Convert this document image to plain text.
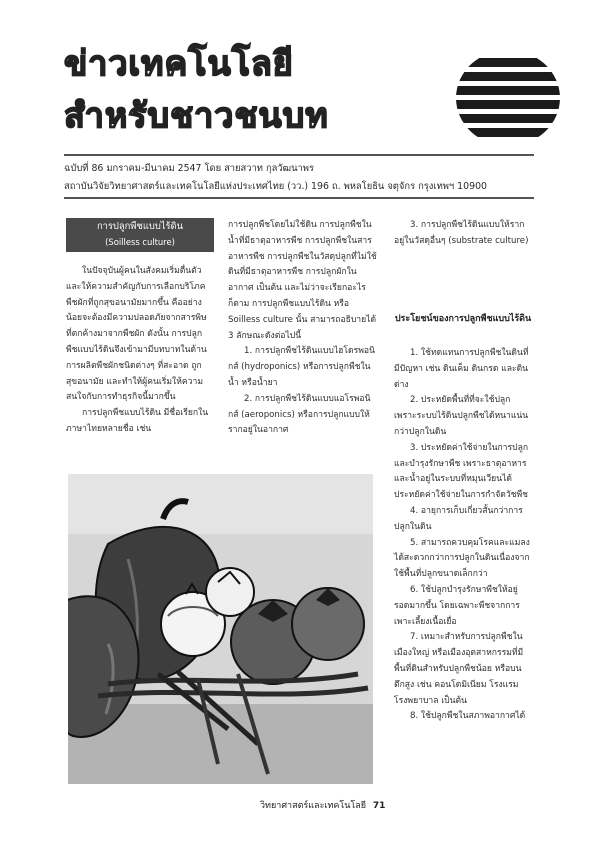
ข่าวเทคโนโลยี
สำหรับชาวชนบท
ฉบับที่ 86 มกราคม-มีนาคม 2547 โดย สายสวาท กุลวัฒนาพร
สถาบันวิจัยวิทยาศาสตร์และเทคโนโลยีแห่งประเทศไทย (วว.) 196 ถ. พหลโยธิน จตุจักร กรุงเทพฯ 10900
การปลูกพืชแบบไร้ดิน
(Soilless culture)

ในปัจจุบันผู้คนในสังคมเริ่มตื่นตัวและให้ความสำคัญกับการเลือกบริโภคพืชผักที่ถูกสุขอนามัยมากขึ้น คืออย่างน้อยจะต้องมีความปลอดภัยจากสารพิษที่ตกค้างมาจากพืชผัก ดังนั้น การปลูกพืชแบบไร้ดินจึงเข้ามามีบทบาทในด้านการผลิตพืชผักชนิดต่างๆ ที่สะอาด ถูกสุขอนามัย และทำให้ผู้คนเริ่มให้ความสนใจกับการทำธุรกิจนี้มากขึ้น

การปลูกพืชแบบไร้ดิน มีชื่อเรียกในภาษาไทยหลายชื่อ เช่น

การปลูกพืชโดยไม่ใช้ดิน การปลูกพืชในน้ำที่มีธาตุอาหารพืช การปลูกพืชในสารอาหารพืช การปลูกพืชในวัสดุปลูกที่ไม่ใช้ดินที่มีธาตุอาหารพืช การปลูกผักในอากาศ เป็นต้น และไม่ว่าจะเรียกอะไรก็ตาม การปลูกพืชแบบไร้ดิน หรือ Soilless culture นั้น สามารถอธิบายได้ 3 ลักษณะดังต่อไปนี้

1. การปลูกพืชไร้ดินแบบไฮโดรพอนิกส์ (hydroponics) หรือการปลูกพืชในน้ำ หรือน้ำยา

2. การปลูกพืชไร้ดินแบบแอโรพอนิกส์ (aeroponics) หรือการปลูกแบบให้รากอยู่ในอากาศ

3. การปลูกพืชไร้ดินแบบให้รากอยู่ในวัสดุอื่นๆ (substrate culture)

ประโยชน์ของการปลูกพืชแบบไร้ดิน

1. ใช้ทดแทนการปลูกพืชในดินที่มีปัญหา เช่น ดินเค็ม ดินกรด และดินด่าง

2. ประหยัดพื้นที่ที่จะใช้ปลูก เพราะระบบไร้ดินปลูกพืชได้หนาแน่นกว่าปลูกในดิน

3. ประหยัดค่าใช้จ่ายในการปลูก และบำรุงรักษาพืช เพราะธาตุอาหารและน้ำอยู่ในระบบที่หมุนเวียนได้ ประหยัดค่าใช้จ่ายในการกำจัดวัชพืช

4. อายุการเก็บเกี่ยวสั้นกว่าการปลูกในดิน

5. สามารถควบคุมโรคและแมลงได้สะดวกกว่าการปลูกในดินเนื่องจากใช้พื้นที่ปลูกขนาดเล็กกว่า

6. ใช้ปลูกบำรุงรักษาพืชให้อยู่รอดมากขึ้น โดยเฉพาะพืชจากการเพาะเลี้ยงเนื้อเยื่อ

7. เหมาะสำหรับการปลูกพืชในเมืองใหญ่ หรือเมืองอุตสาหกรรมที่มีพื้นที่ดินสำหรับปลูกพืชน้อย หรือบนตึกสูง เช่น คอนโดมิเนียม โรงแรม โรงพยาบาล เป็นต้น

8. ใช้ปลูกพืชในสภาพอากาศได้

วิทยาศาสตร์และเทคโนโลยี 71
